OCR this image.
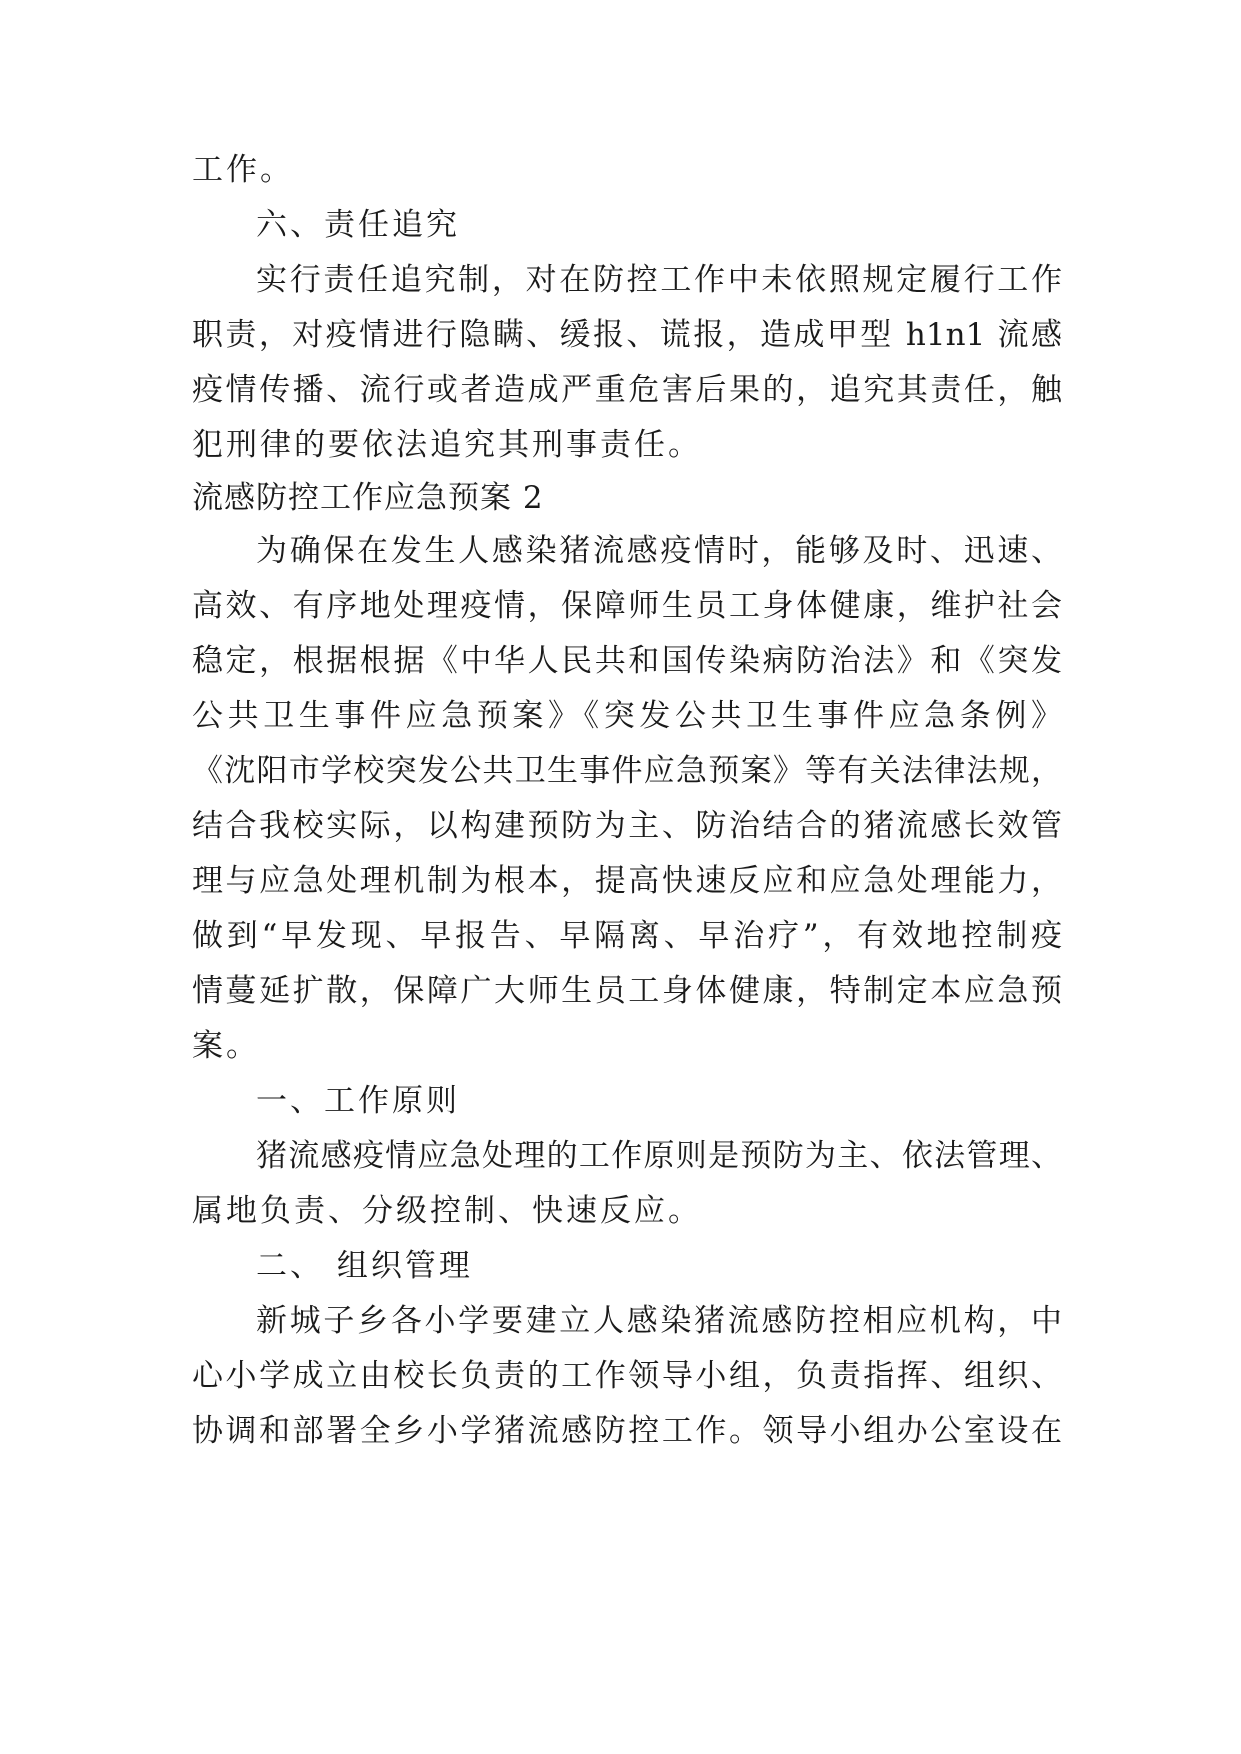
工作。
六、责任追究
实行责任追究制，对在防控工作中未依照规定履行工作
职责，对疫情进行隐瞒、缓报、谎报，造成甲型 h1n1 流感
疫情传播、流行或者造成严重危害后果的，追究其责任，触
犯刑律的要依法追究其刑事责任。
流感防控工作应急预案 2
为确保在发生人感染猪流感疫情时，能够及时、迅速、
高效、有序地处理疫情，保障师生员工身体健康，维护社会
稳定，根据根据《中华人民共和国传染病防治法》和《突发
公共卫生事件应急预案》《突发公共卫生事件应急条例》
《沈阳市学校突发公共卫生事件应急预案》等有关法律法规，
结合我校实际，以构建预防为主、防治结合的猪流感长效管
理与应急处理机制为根本，提高快速反应和应急处理能力，
做到“早发现、早报告、早隔离、早治疗”，有效地控制疫
情蔓延扩散，保障广大师生员工身体健康，特制定本应急预
案。
一、工作原则
猪流感疫情应急处理的工作原则是预防为主、依法管理、
属地负责、分级控制、快速反应。
二、 组织管理
新城子乡各小学要建立人感染猪流感防控相应机构，中
心小学成立由校长负责的工作领导小组，负责指挥、组织、
协调和部署全乡小学猪流感防控工作。领导小组办公室设在
